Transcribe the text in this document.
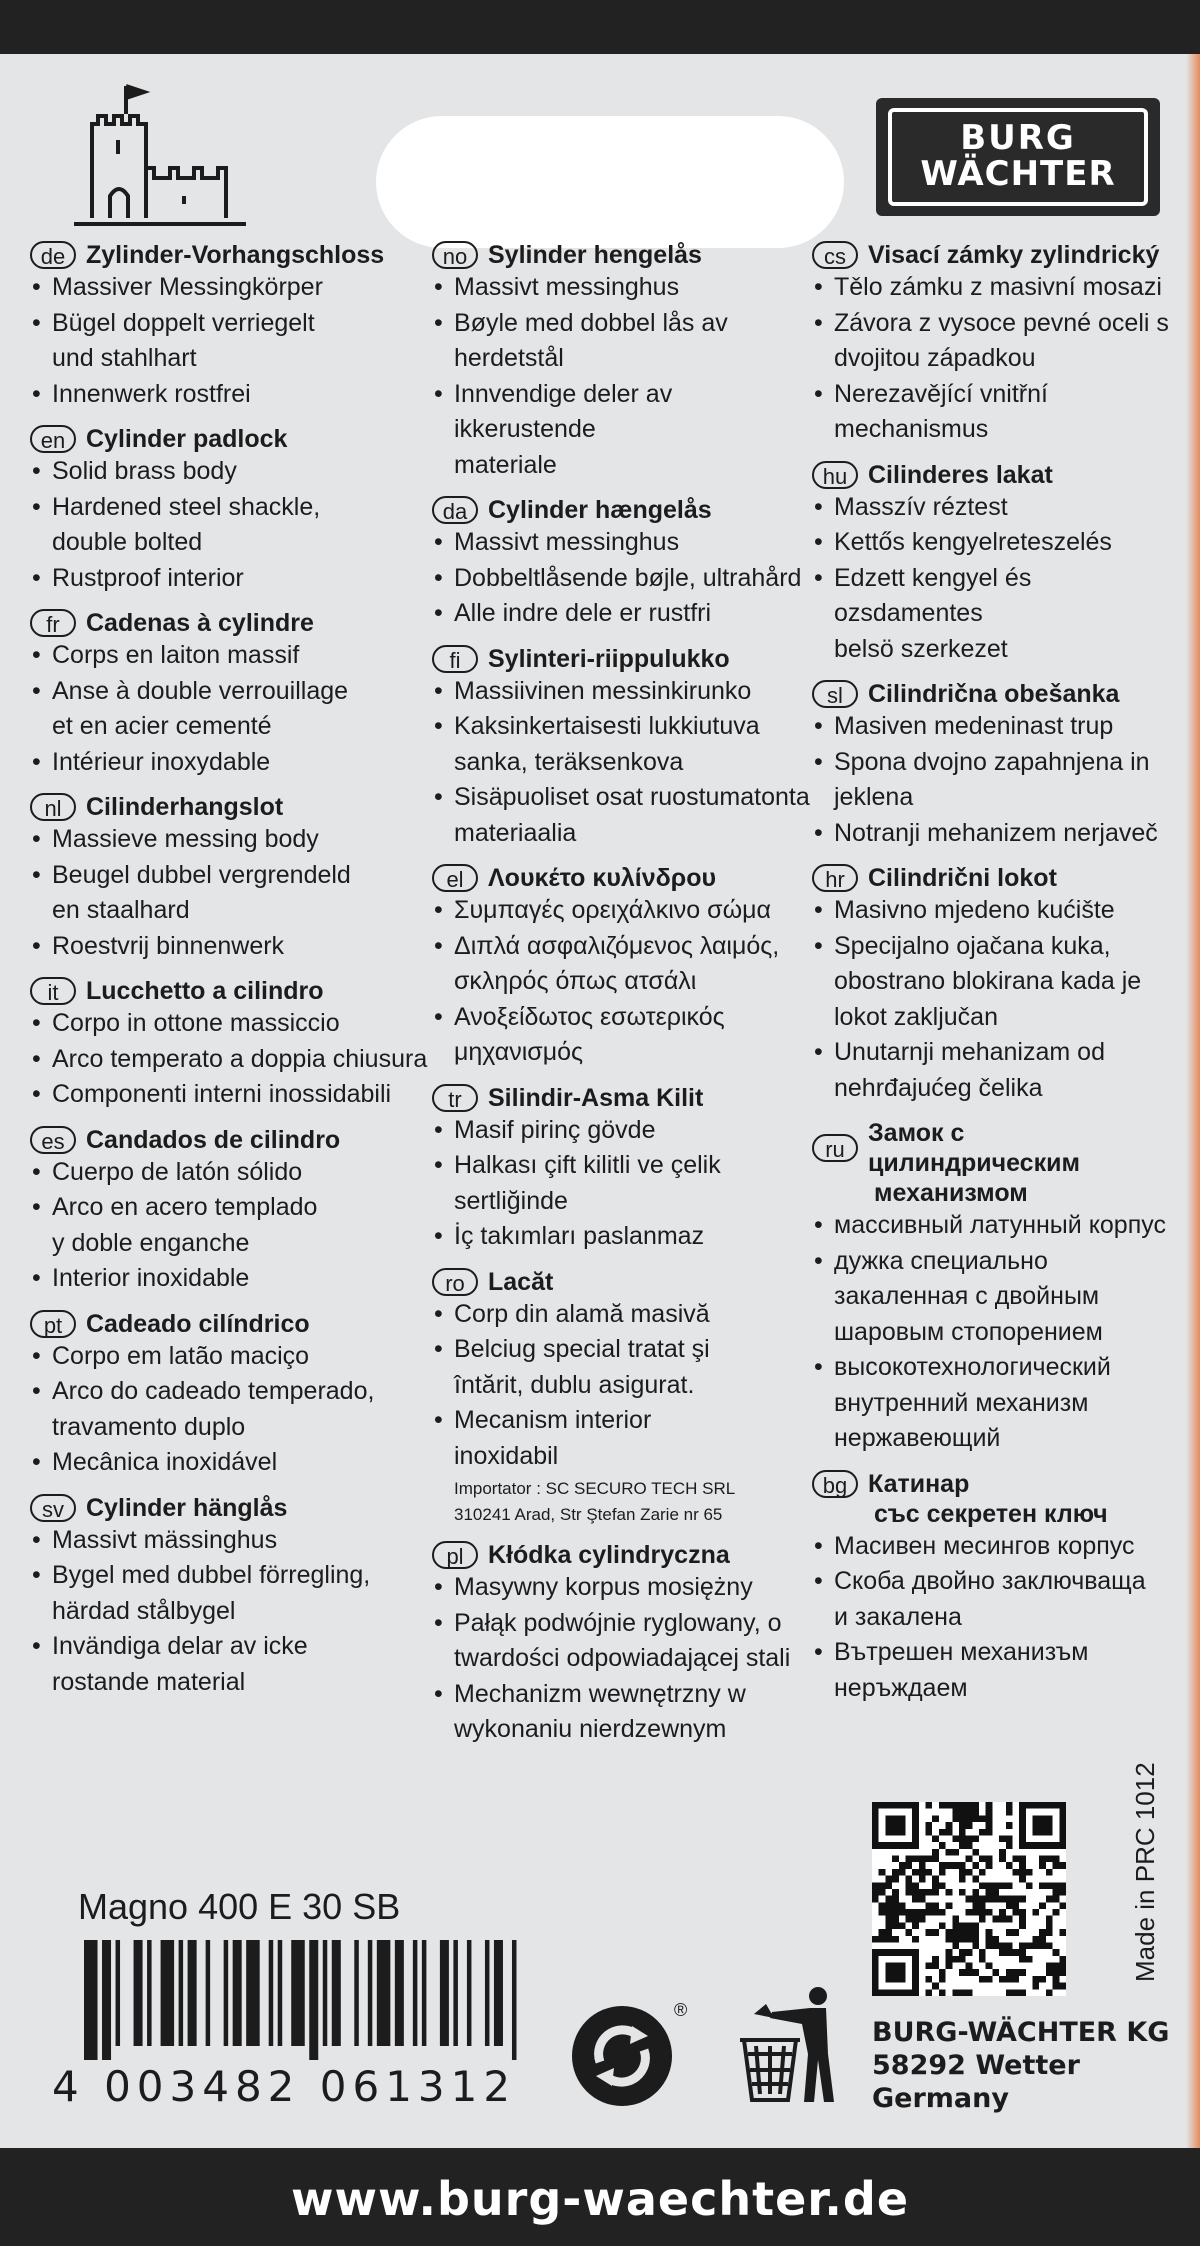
BURG
WÄCHTER
de Zylinder-Vorhangschloss
• Massiver Messingkörper
• Bügel doppelt verriegelt
und stahlhart
• Innenwerk rostfrei
en Cylinder padlock
• Solid brass body
• Hardened steel shackle,
double bolted
• Rustproof interior
fr	Cadenas à cylindre
• Corps en laiton massif
• Anse à double verrouillage
et en acier cementé
• Intérieur inoxydable
nl Cilinderhangslot
• Massieve messing body
• Beugel dubbel vergrendeld
en staalhard
• Roestvrij binnenwerk
it	Lucchetto a cilindro
• Corpo in ottone massiccio
• Arco temperato a doppia chiusura
• Componenti interni inossidabili
es Candados de cilindro
• Cuerpo de latón sólido
• Arco en acero templado
y doble enganche
• Interior inoxidable
pt Cadeado cilíndrico
• Corpo em latão maciço
• Arco do cadeado temperado,
travamento duplo
• Mecânica inoxidável
sv Cylinder hänglås
• Massivt mässinghus
• Bygel med dubbel förregling,
härdad stålbygel
• Invändiga delar av icke
rostande material
no Sylinder hengelås
• Massivt messinghus
• Bøyle med dobbel lås av
herdetstål
• Innvendige deler av ikkerustende
materiale
da Cylinder hængelås
• Massivt messinghus
• Dobbeltlåsende bøjle, ultrahård
• Alle indre dele er rustfri
fi	Sylinteri-riippulukko
• Massiivinen messinkirunko
• Kaksinkertaisesti lukkiutuva
sanka, teräksenkova
• Sisäpuoliset osat ruostumatonta
materiaalia
el Λουκέτο κυλίνδρου
• Συμπαγές ορειχάλκινο σώμα
• Διπλά ασφαλιζόμενος λαιμός,
σκληρός όπως ατσάλι
• Ανοξείδωτος εσωτερικός
μηχανισμός
tr	Silindir-Asma Kilit
• Masif pirinç gövde
• Halkası çift kilitli ve çelik
sertliğinde
• İç takımları paslanmaz
ro Lacăt
• Corp din alamă masivă
• Belciug special tratat şi
întărit, dublu asigurat.
• Mecanism interior
inoxidabil
Importator : SC SECURO TECH SRL
310241 Arad, Str Ştefan Zarie nr 65
pl Kłódka cylindryczna
• Masywny korpus mosiężny
• Pałąk podwójnie ryglowany, o
twardości odpowiadającej stali
• Mechanizm wewnętrzny w
wykonaniu nierdzewnym
cs Visací zámky zylindrický
• Tělo zámku z masivní mosazi
• Závora z vysoce pevné oceli s
dvojitou západkou
• Nerezavějící vnitřní mechanismus
hu Cilinderes lakat
• Masszív réztest
• Kettős kengyelreteszelés
• Edzett kengyel és ozsdamentes
belsö szerkezet
sl	Cilindrična obešanka
• Masiven medeninast trup
• Spona dvojno zapahnjena in jeklena
• Notranji mehanizem nerjaveč
hr Cilindrični lokot
• Masivno mjedeno kućište
• Specijalno ojačana kuka,
obostrano blokirana kada je
lokot zaključan
• Unutarnji mehanizam od
nehrđajućeg čelika
ru
Замок с цилиндрическим
механизмом
• массивный латунный корпус
• дужка специально
закаленная с двойным
шаровым стопорением
• высокотехнологический
внутренний механизм
нержавеющий
bg Катинар
със секретен ключ
• Масивен месингов корпус
• Скоба двойно заключваща
и закалена
• Вътрешен механизъм
неръждаем
Magno 400 E 30 SB
4 003482 061312
®
Made in PRC 1012
BURG-WÄCHTER KG
58292 Wetter
Germany
www.burg-waechter.de
